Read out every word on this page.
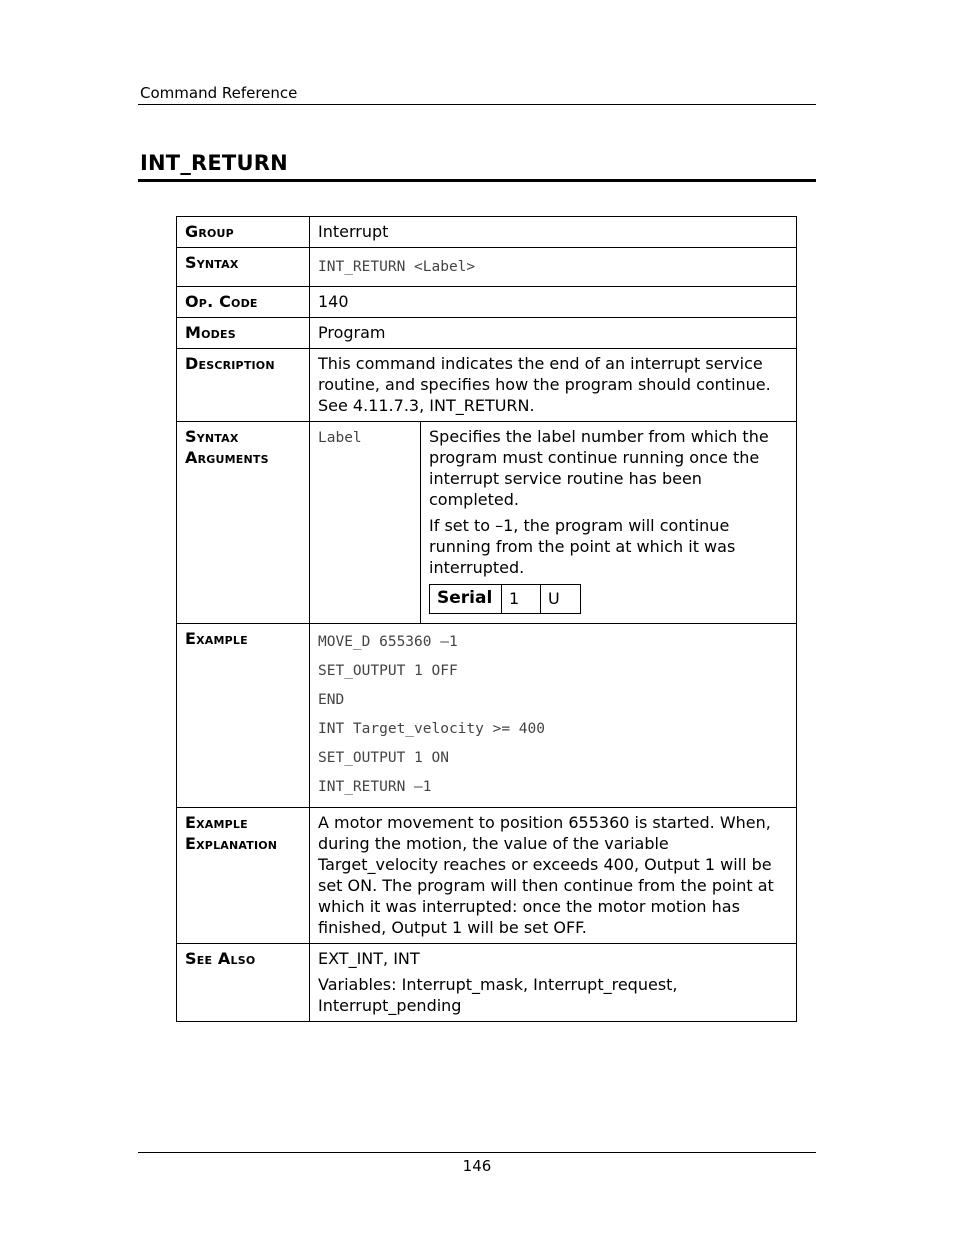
Command Reference
INT_RETURN
Group	Interrupt
Syntax	INT_RETURN <Label>
Op. Code	140
Modes	Program
Description	This command indicates the end of an interrupt service routine, and specifies how the program should continue. See 4.11.7.3, INT_RETURN.

Syntax
Arguments

Label	Specifies the label number from which the program must continue running once the interrupt service routine has been completed.

If set to –1, the program will continue running from the point at which it was interrupted.

Serial	1	U

Example	MOVE_D 655360 –1
SET_OUTPUT 1 OFF
END
INT Target_velocity >= 400
SET_OUTPUT 1 ON
INT_RETURN –1

Example
Explanation
	A motor movement to position 655360 is started. When, during the motion, the value of the variable Target_velocity reaches or exceeds 400, Output 1 will be set ON. The program will then continue from the point at which it was interrupted: once the motor motion has finished, Output 1 will be set OFF.
See Also	EXT_INT, INT

Variables: Interrupt_mask, Interrupt_request, Interrupt_pending

146
